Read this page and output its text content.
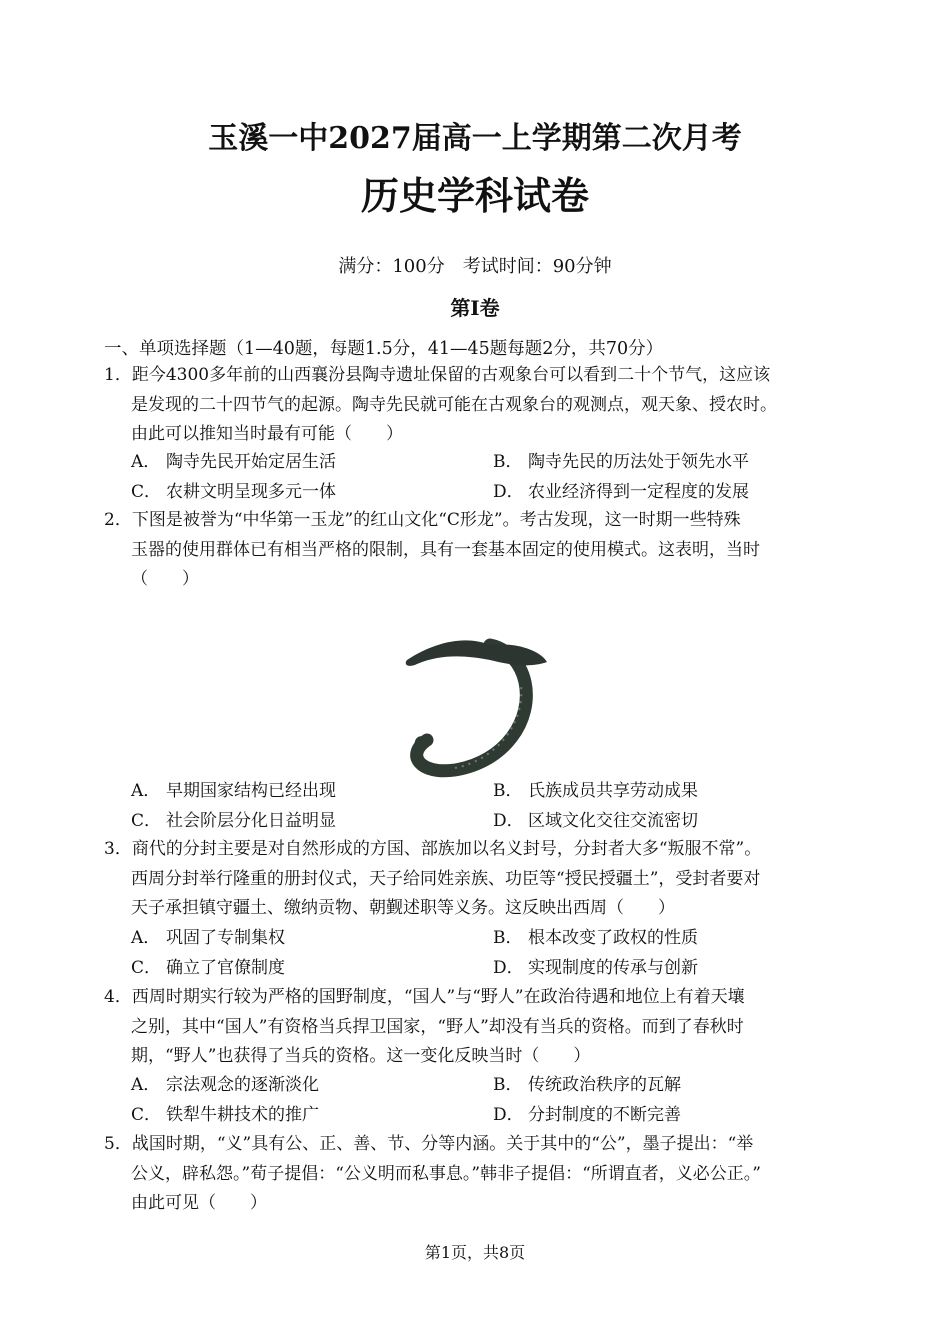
玉溪一中2027届高一上学期第二次月考
历史学科试卷
满分：100分　考试时间：90分钟
第Ⅰ卷
一、单项选择题（1—40题，每题1.5分，41—45题每题2分，共70分）
1．距今4300多年前的山西襄汾县陶寺遗址保留的古观象台可以看到二十个节气，这应该
是发现的二十四节气的起源。陶寺先民就可能在古观象台的观测点，观天象、授农时。
由此可以推知当时最有可能（　　）
A． 陶寺先民开始定居生活	B． 陶寺先民的历法处于领先水平
C． 农耕文明呈现多元一体	D． 农业经济得到一定程度的发展
2．下图是被誉为“中华第一玉龙”的红山文化“C形龙”。考古发现，这一时期一些特殊
玉器的使用群体已有相当严格的限制，具有一套基本固定的使用模式。这表明，当时
（　　）
A． 早期国家结构已经出现	B． 氏族成员共享劳动成果
C． 社会阶层分化日益明显	D． 区域文化交往交流密切
3．商代的分封主要是对自然形成的方国、部族加以名义封号，分封者大多“叛服不常”。
西周分封举行隆重的册封仪式，天子给同姓亲族、功臣等“授民授疆土”，受封者要对
天子承担镇守疆土、缴纳贡物、朝觐述职等义务。这反映出西周（　　）
A． 巩固了专制集权	B． 根本改变了政权的性质
C． 确立了官僚制度	D． 实现制度的传承与创新
4．西周时期实行较为严格的国野制度，“国人”与“野人”在政治待遇和地位上有着天壤
之别，其中“国人”有资格当兵捍卫国家，“野人”却没有当兵的资格。而到了春秋时
期，“野人”也获得了当兵的资格。这一变化反映当时（　　）
A． 宗法观念的逐渐淡化	B． 传统政治秩序的瓦解
C． 铁犁牛耕技术的推广	D． 分封制度的不断完善
5．战国时期，“义”具有公、正、善、节、分等内涵。关于其中的“公”，墨子提出：“举
公义，辟私怨。”荀子提倡：“公义明而私事息。”韩非子提倡：“所谓直者，义必公正。”
由此可见（　　）
第1页，共8页
